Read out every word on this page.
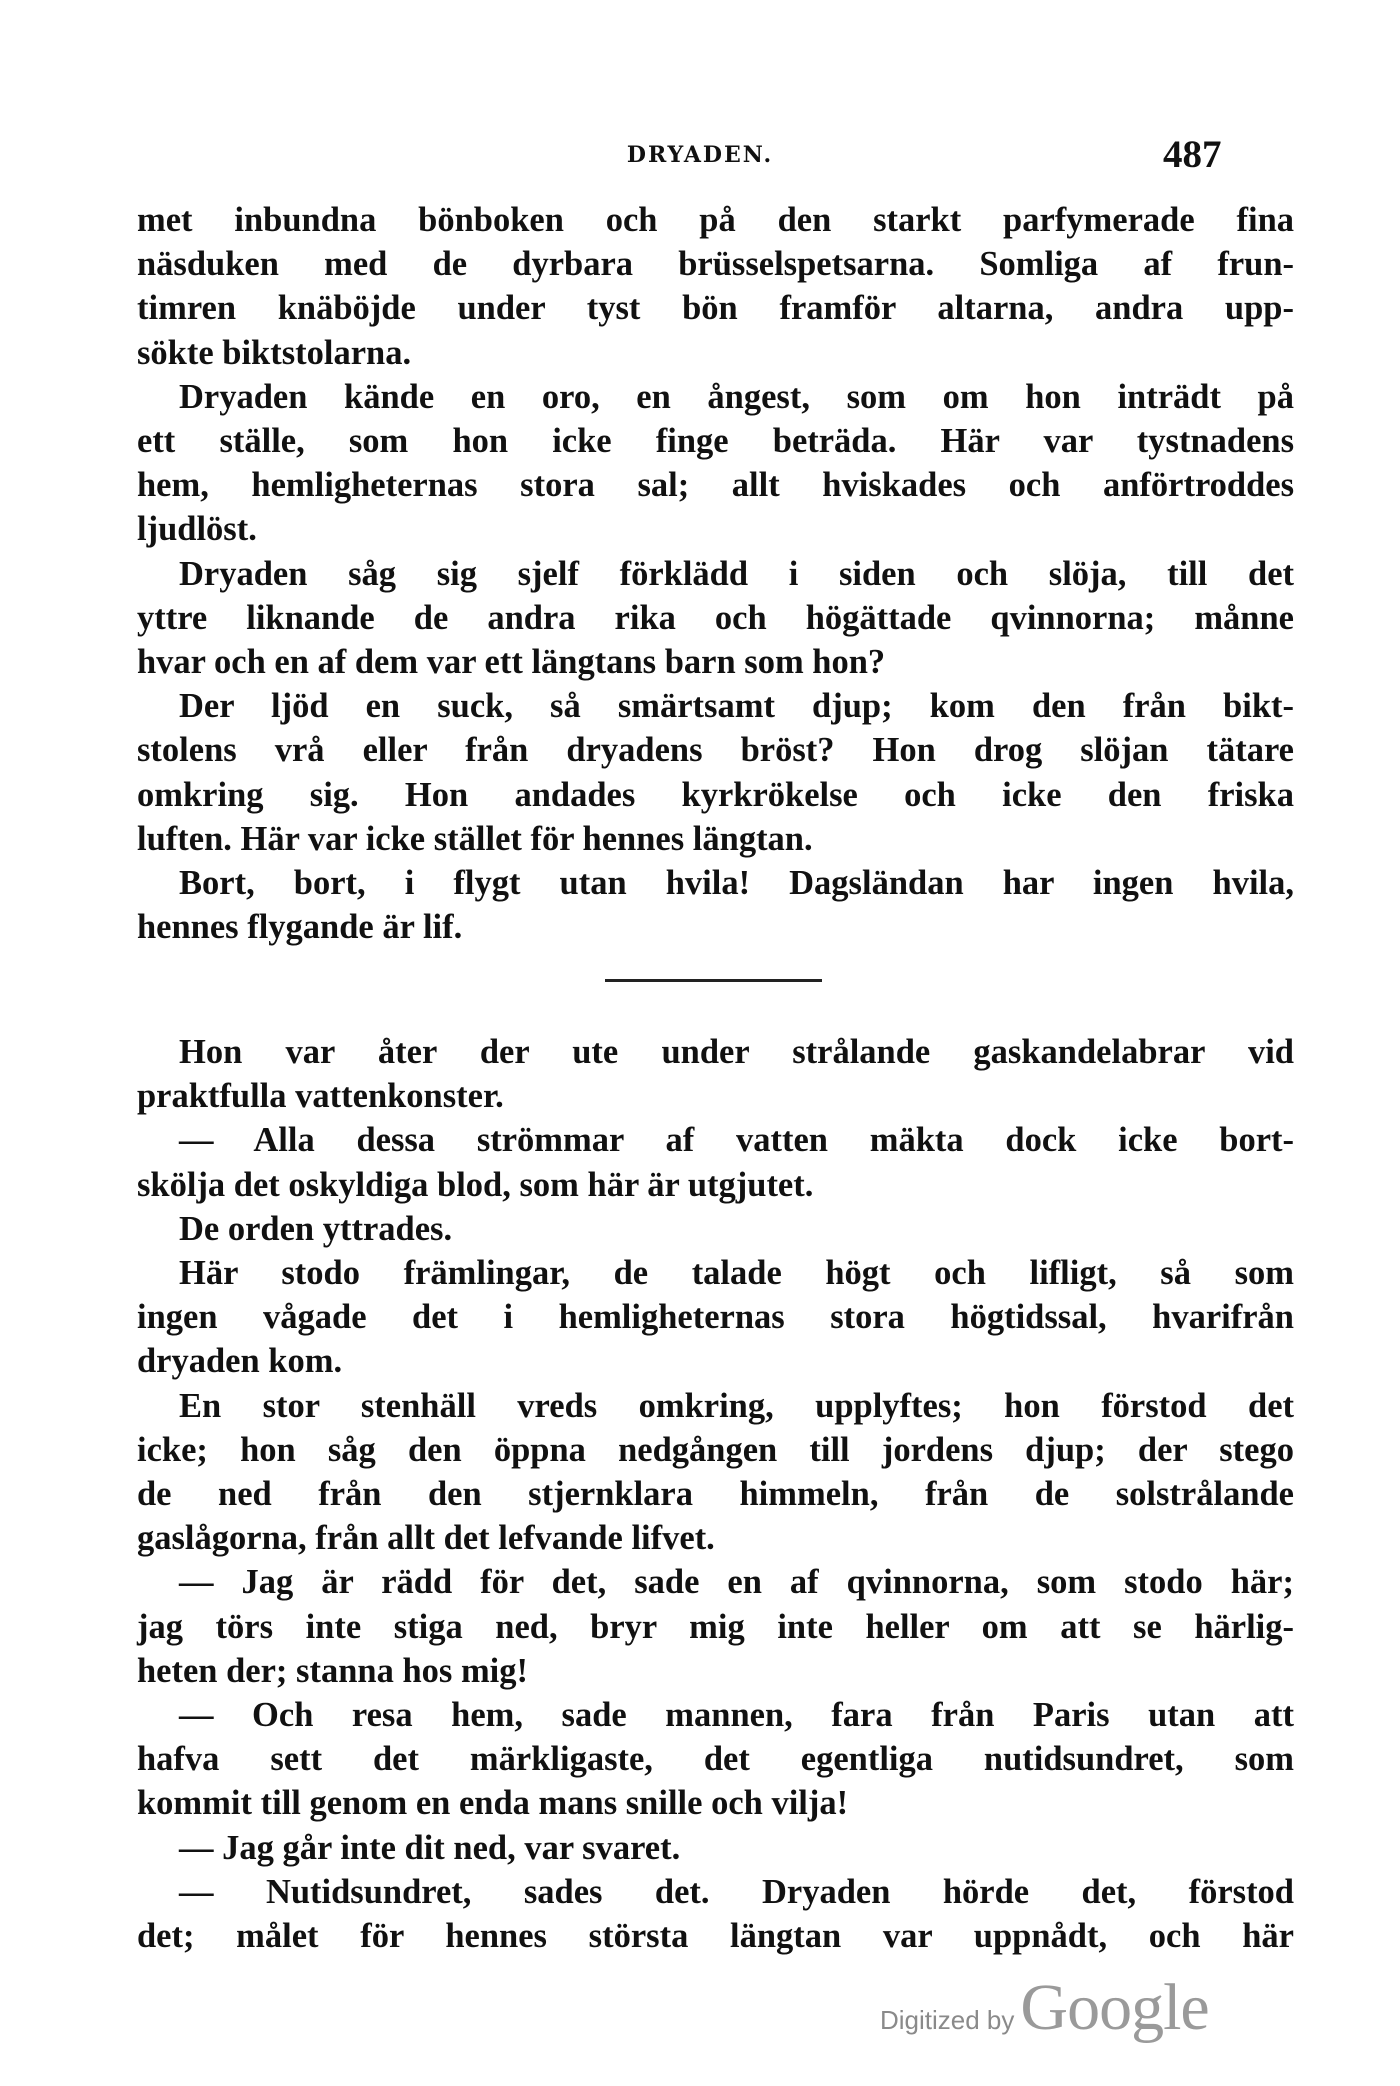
DRYADEN.	487
met inbundna bönboken och på den starkt parfymerade fina
näsduken med de dyrbara brüsselspetsarna. Somliga af frun-
timren knäböjde under tyst bön framför altarna, andra upp-
sökte biktstolarna.
Dryaden kände en oro, en ångest, som om hon inträdt på
ett ställe, som hon icke finge beträda. Här var tystnadens
hem, hemligheternas stora sal; allt hviskades och anförtroddes
ljudlöst.
Dryaden såg sig sjelf förklädd i siden och slöja, till det
yttre liknande de andra rika och högättade qvinnorna; månne
hvar och en af dem var ett längtans barn som hon?
Der ljöd en suck, så smärtsamt djup; kom den från bikt-
stolens vrå eller från dryadens bröst? Hon drog slöjan tätare
omkring sig. Hon andades kyrkrökelse och icke den friska
luften. Här var icke stället för hennes längtan.
Bort, bort, i flygt utan hvila! Dagsländan har ingen hvila,
hennes flygande är lif.
Hon var åter der ute under strålande gaskandelabrar vid
praktfulla vattenkonster.
— Alla dessa strömmar af vatten mäkta dock icke bort-
skölja det oskyldiga blod, som här är utgjutet.
De orden yttrades.
Här stodo främlingar, de talade högt och lifligt, så som
ingen vågade det i hemligheternas stora högtidssal, hvarifrån
dryaden kom.
En stor stenhäll vreds omkring, upplyftes; hon förstod det
icke; hon såg den öppna nedgången till jordens djup; der stego
de ned från den stjernklara himmeln, från de solstrålande
gaslågorna, från allt det lefvande lifvet.
— Jag är rädd för det, sade en af qvinnorna, som stodo här;
jag törs inte stiga ned, bryr mig inte heller om att se härlig-
heten der; stanna hos mig!
— Och resa hem, sade mannen, fara från Paris utan att
hafva sett det märkligaste, det egentliga nutidsundret, som
kommit till genom en enda mans snille och vilja!
— Jag går inte dit ned, var svaret.
— Nutidsundret, sades det. Dryaden hörde det, förstod
det; målet för hennes största längtan var uppnådt, och här
Digitized by Google
